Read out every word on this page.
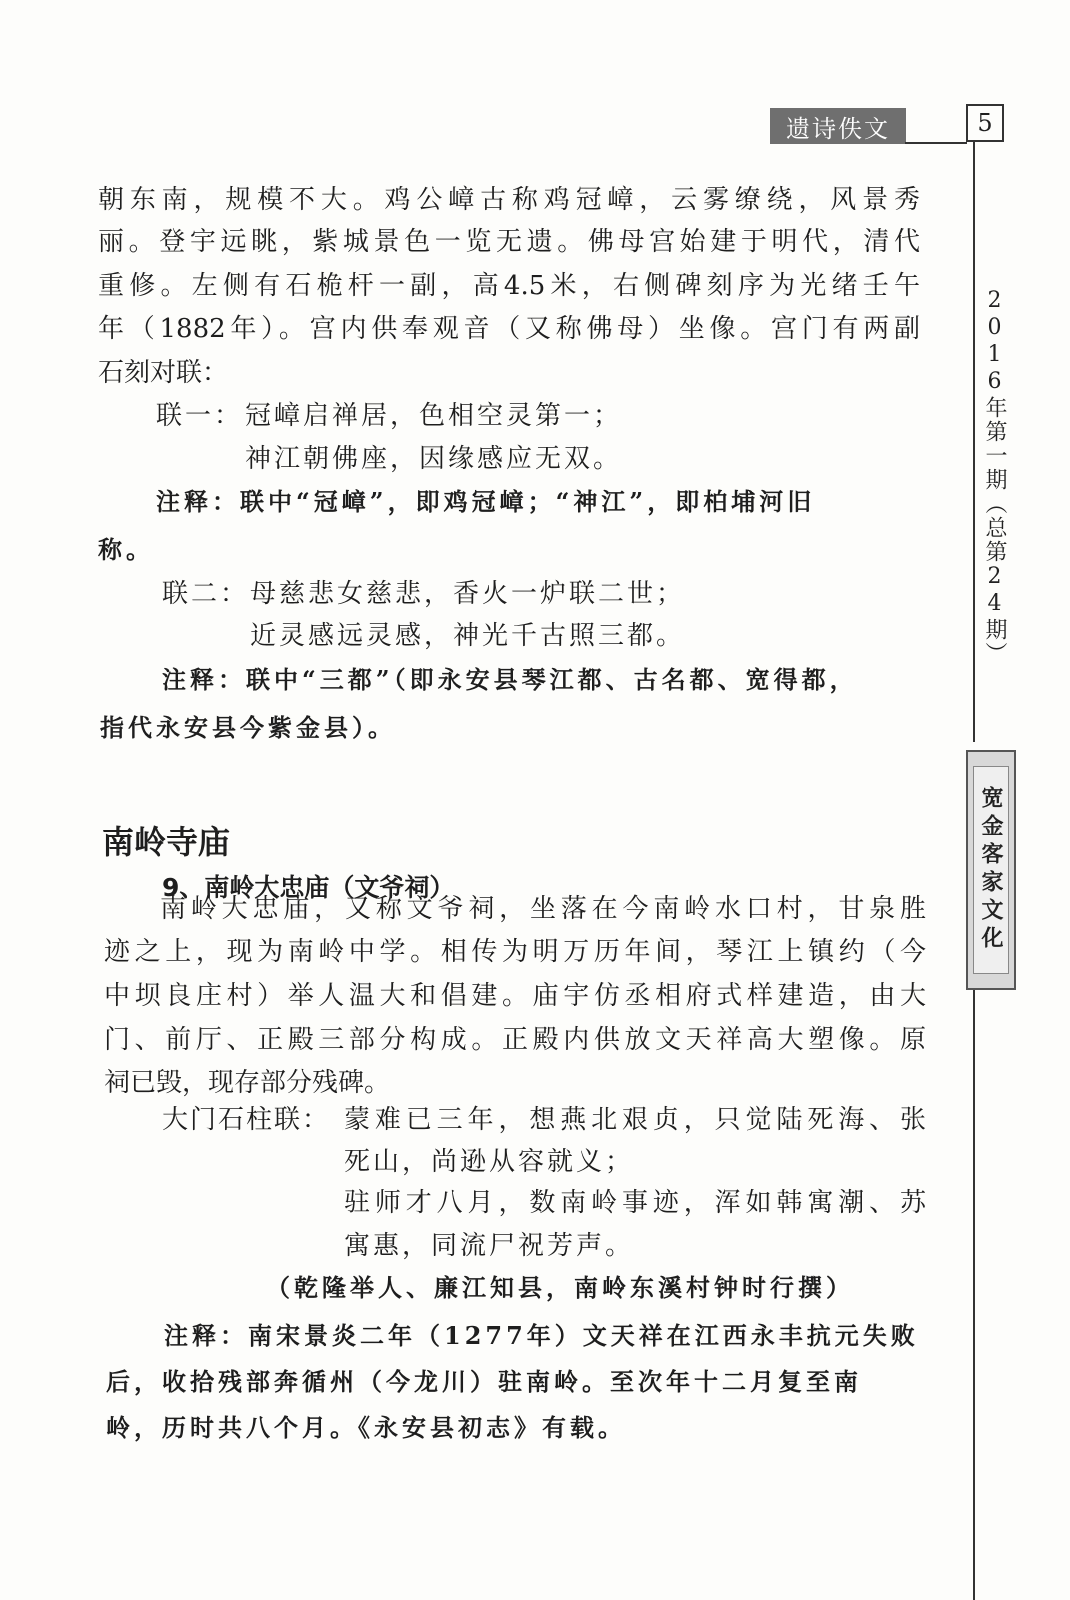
遗诗佚文	5
2016年第一期（总第24期）
宽金客家文化
朝东南，规模不大。鸡公嶂古称鸡冠嶂，云雾缭绕，风景秀
丽。登宇远眺，紫城景色一览无遗。佛母宫始建于明代，清代
重修。左侧有石桅杆一副，高4.5米，右侧碑刻序为光绪壬午
年（1882年）。宫内供奉观音（又称佛母）坐像。宫门有两副
石刻对联：
联一： 冠嶂启禅居，色相空灵第一；
神江朝佛座，因缘感应无双。
注释：联中“冠嶂”，即鸡冠嶂；“神江”，即柏埔河旧
称。
联二： 母慈悲女慈悲，香火一炉联二世；
近灵感远灵感，神光千古照三都。
注释：联中“三都”（即永安县琴江都、古名都、宽得都，
指代永安县今紫金县）。
南岭寺庙
9、南岭大忠庙（文爷祠）
南岭大忠庙，又称文爷祠，坐落在今南岭水口村，甘泉胜
迹之上，现为南岭中学。相传为明万历年间，琴江上镇约（今
中坝良庄村）举人温大和倡建。庙宇仿丞相府式样建造，由大
门、前厅、正殿三部分构成。正殿内供放文天祥高大塑像。原
祠已毁，现存部分残碑。
大门石柱联： 蒙难已三年，想燕北艰贞，只觉陆死海、张
死山，尚逊从容就义；
驻师才八月，数南岭事迹，浑如韩寓潮、苏
寓惠，同流尸祝芳声。
（乾隆举人、廉江知县，南岭东溪村钟时行撰）
注释：南宋景炎二年（1277年）文天祥在江西永丰抗元失败
后，收拾残部奔循州（今龙川）驻南岭。至次年十二月复至南
岭，历时共八个月。《永安县初志》有载。
